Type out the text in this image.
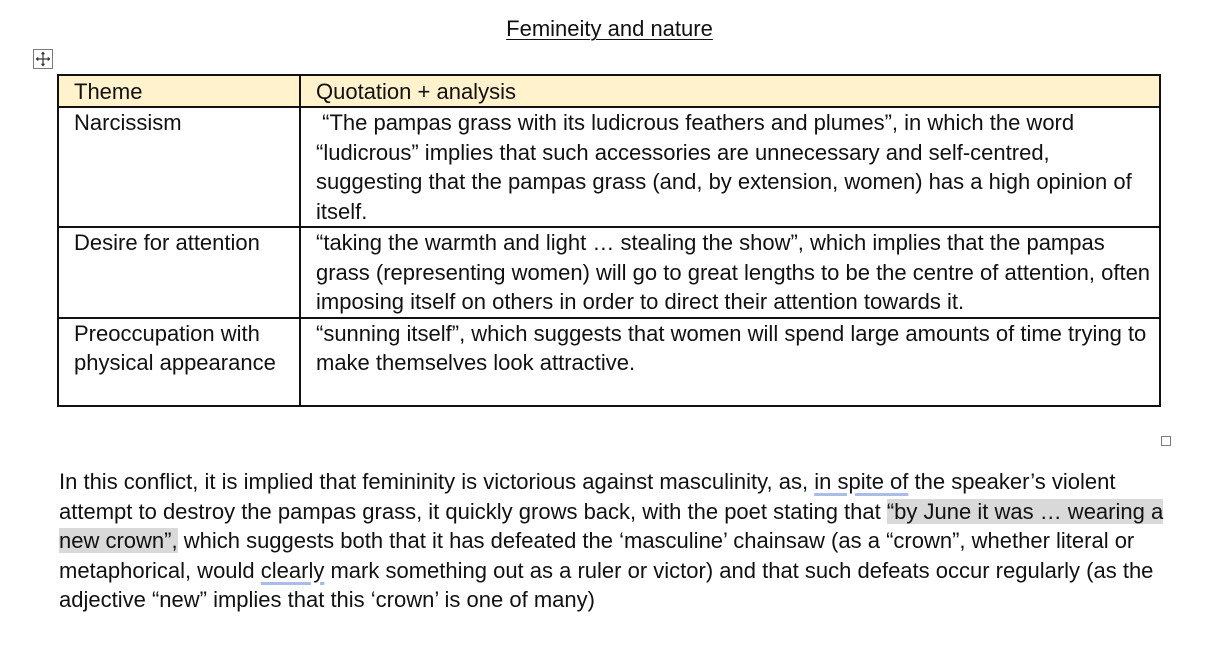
Femineity and nature
Theme	Quotation + analysis
Narcissism	“The pampas grass with its ludicrous feathers and plumes”, in which the word “ludicrous” implies that such accessories are unnecessary and self-centred, suggesting that the pampas grass (and, by extension, women) has a high opinion of itself.
Desire for attention	“taking the warmth and light … stealing the show”, which implies that the pampas grass (representing women) will go to great lengths to be the centre of attention, often imposing itself on others in order to direct their attention towards it.
Preoccupation with physical appearance	“sunning itself”, which suggests that women will spend large amounts of time trying to make themselves look attractive.

In this conflict, it is implied that femininity is victorious against masculinity, as, in spite of the speaker’s violent attempt to destroy the pampas grass, it quickly grows back, with the poet stating that “by June it was … wearing a new crown”, which suggests both that it has defeated the ‘masculine’ chainsaw (as a “crown”, whether literal or metaphorical, would clearly mark something out as a ruler or victor) and that such defeats occur regularly (as the adjective “new” implies that this ‘crown’ is one of many)
